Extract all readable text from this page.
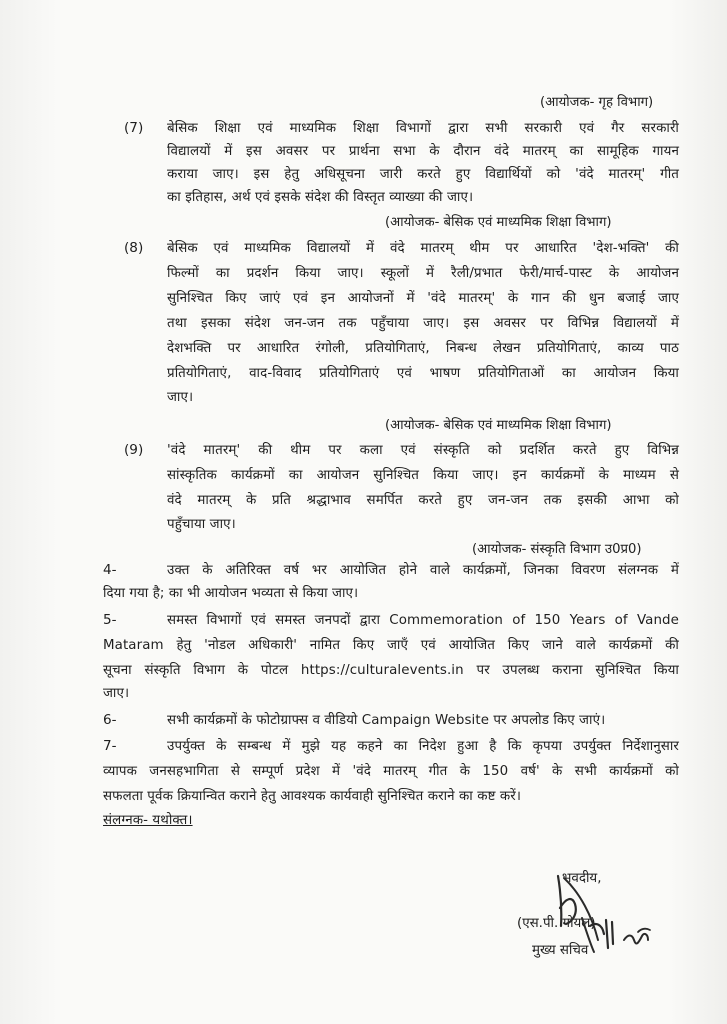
(आयोजक- गृह विभाग)
(7) बेसिक शिक्षा एवं माध्यमिक शिक्षा विभागों द्वारा सभी सरकारी एवं गैर सरकारी
विद्यालयों में इस अवसर पर प्रार्थना सभा के दौरान वंदे मातरम् का सामूहिक गायन
कराया जाए। इस हेतु अधिसूचना जारी करते हुए विद्यार्थियों को 'वंदे मातरम्' गीत
का इतिहास, अर्थ एवं इसके संदेश की विस्तृत व्याख्या की जाए।
(आयोजक- बेसिक एवं माध्यमिक शिक्षा विभाग)
(8) बेसिक एवं माध्यमिक विद्यालयों में वंदे मातरम् थीम पर आधारित 'देश-भक्ति' की
फिल्मों का प्रदर्शन किया जाए। स्कूलों में रैली/प्रभात फेरी/मार्च-पास्ट के आयोजन
सुनिश्चित किए जाएं एवं इन आयोजनों में 'वंदे मातरम्' के गान की धुन बजाई जाए
तथा इसका संदेश जन-जन तक पहुँचाया जाए। इस अवसर पर विभिन्न विद्यालयों में
देशभक्ति पर आधारित रंगोली, प्रतियोगिताएं, निबन्ध लेखन प्रतियोगिताएं, काव्य पाठ
प्रतियोगिताएं, वाद-विवाद प्रतियोगिताएं एवं भाषण प्रतियोगिताओं का आयोजन किया
जाए।
(आयोजक- बेसिक एवं माध्यमिक शिक्षा विभाग)
(9) 'वंदे मातरम्' की थीम पर कला एवं संस्कृति को प्रदर्शित करते हुए विभिन्न
सांस्कृतिक कार्यक्रमों का आयोजन सुनिश्चित किया जाए। इन कार्यक्रमों के माध्यम से
वंदे मातरम् के प्रति श्रद्धाभाव समर्पित करते हुए जन-जन तक इसकी आभा को
पहुँचाया जाए।
(आयोजक- संस्कृति विभाग उ0प्र0)
4-	उक्त के अतिरिक्त वर्ष भर आयोजित होने वाले कार्यक्रमों, जिनका विवरण संलग्नक में
दिया गया है; का भी आयोजन भव्यता से किया जाए।
5-	समस्त विभागों एवं समस्त जनपदों द्वारा Commemoration of 150 Years of Vande
Mataram हेतु 'नोडल अधिकारी' नामित किए जाएँ एवं आयोजित किए जाने वाले कार्यक्रमों की
सूचना संस्कृति विभाग के पोटल https://culturalevents.in पर उपलब्ध कराना सुनिश्चित किया
जाए।
6-	सभी कार्यक्रमों के फोटोग्राफ्स व वीडियो Campaign Website पर अपलोड किए जाएं।
7-	उपर्युक्त के सम्बन्ध में मुझे यह कहने का निदेश हुआ है कि कृपया उपर्युक्त निर्देशानुसार
व्यापक जनसहभागिता से सम्पूर्ण प्रदेश में 'वंदे मातरम् गीत के 150 वर्ष' के सभी कार्यक्रमों को
सफलता पूर्वक क्रियान्वित कराने हेतु आवश्यक कार्यवाही सुनिश्चित कराने का कष्ट करें।
संलग्नक- यथोक्त।
भवदीय,
(एस.पी. गोयल)
मुख्य सचिव
